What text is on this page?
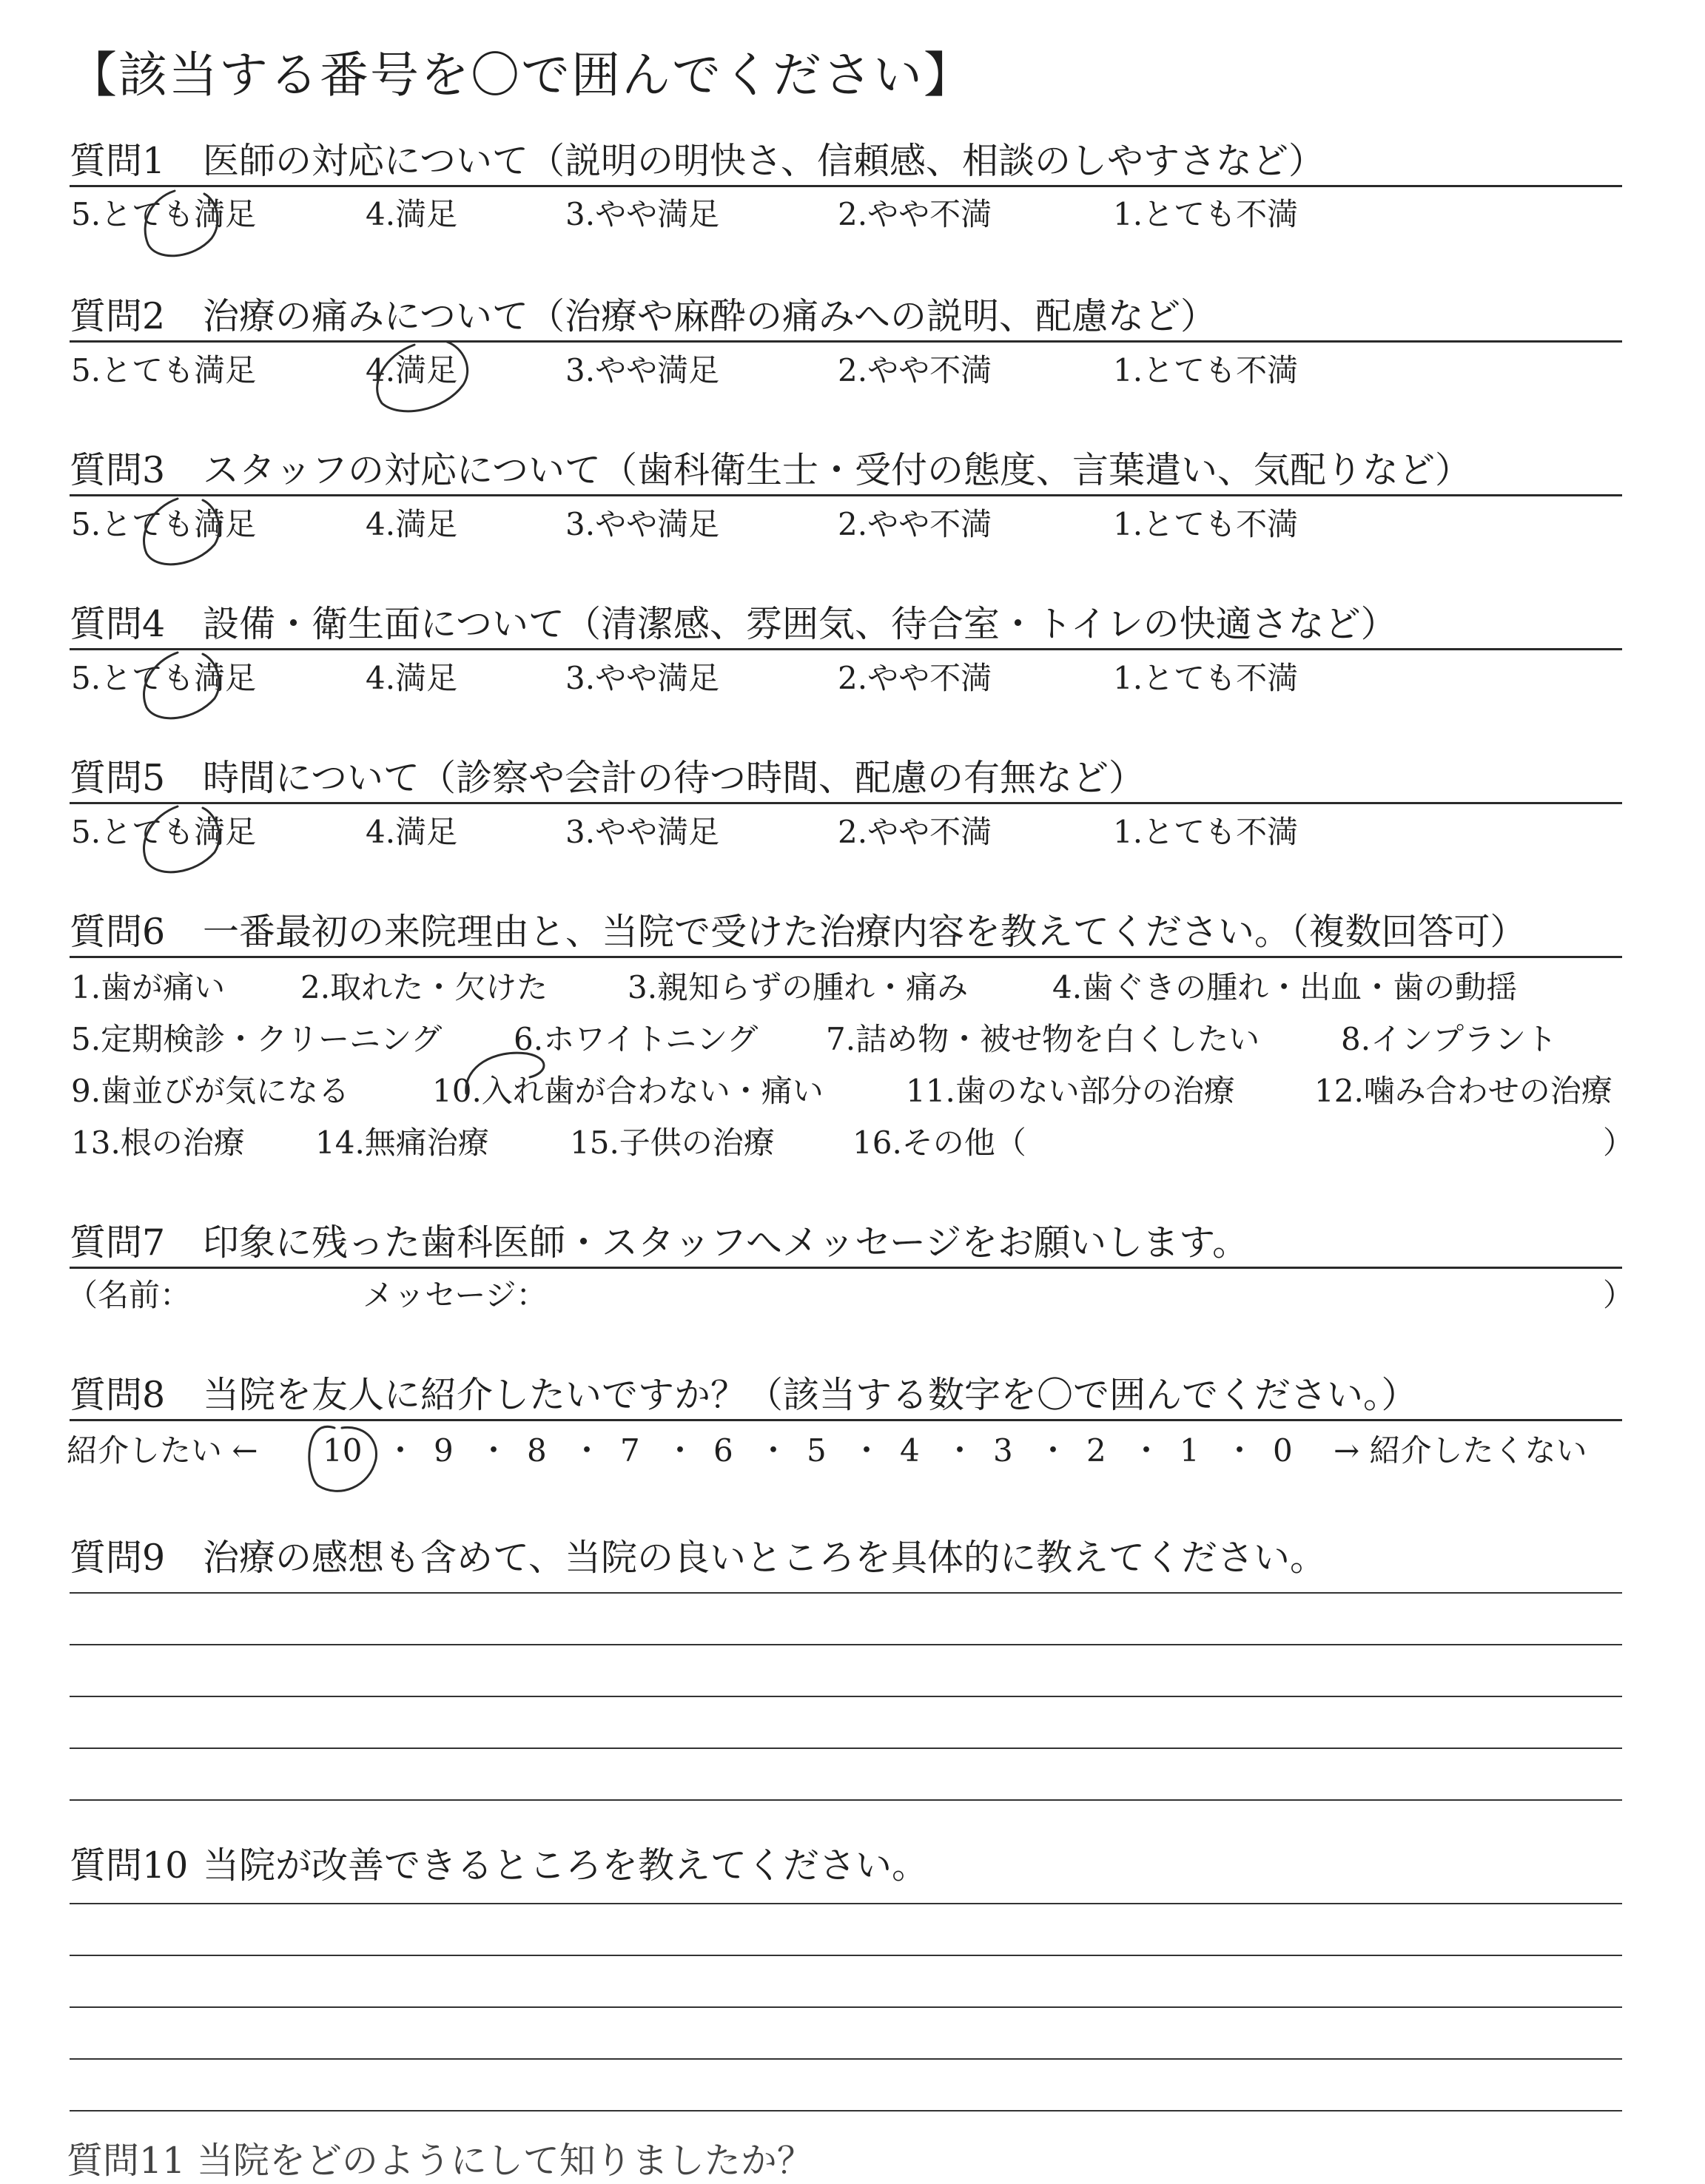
【該当する番号を〇で囲んでください】
質問1 医師の対応について（説明の明快さ、信頼感、相談のしやすさなど）
5.とても満足	4.満足	3.やや満足	2.やや不満	1.とても不満
質問2 治療の痛みについて（治療や麻酔の痛みへの説明、配慮など）
5.とても満足	4.満足	3.やや満足	2.やや不満	1.とても不満
質問3 スタッフの対応について（歯科衛生士・受付の態度、言葉遣い、気配りなど）
5.とても満足	4.満足	3.やや満足	2.やや不満	1.とても不満
質問4 設備・衛生面について（清潔感、雰囲気、待合室・トイレの快適さなど）
5.とても満足	4.満足	3.やや満足	2.やや不満	1.とても不満
質問5 時間について（診察や会計の待つ時間、配慮の有無など）
5.とても満足	4.満足	3.やや満足	2.やや不満	1.とても不満
質問6 一番最初の来院理由と、当院で受けた治療内容を教えてください。（複数回答可）
1.歯が痛い 2.取れた・欠けた	3.親知らずの腫れ・痛み	4.歯ぐきの腫れ・出血・歯の動揺
5.定期検診・クリーニング 6.ホワイトニング 7.詰め物・被せ物を白くしたい	8.インプラント
9.歯並びが気になる	10.入れ歯が合わない・痛い	11.歯のない部分の治療	12.噛み合わせの治療
13.根の治療 14.無痛治療	15.子供の治療	16.その他（	）
質問7 印象に残った歯科医師・スタッフへメッセージをお願いします。
（名前：	メッセージ：	）
質問8 当院を友人に紹介したいですか？（該当する数字を〇で囲んでください。）
紹介したい ← 10 ・ 9 ・ 8 ・ 7 ・ 6 ・ 5 ・ 4 ・ 3 ・ 2 ・ 1 ・ 0 → 紹介したくない
質問9 治療の感想も含めて、当院の良いところを具体的に教えてください。
質問10 当院が改善できるところを教えてください。
質問11 当院をどのようにして知りましたか？
